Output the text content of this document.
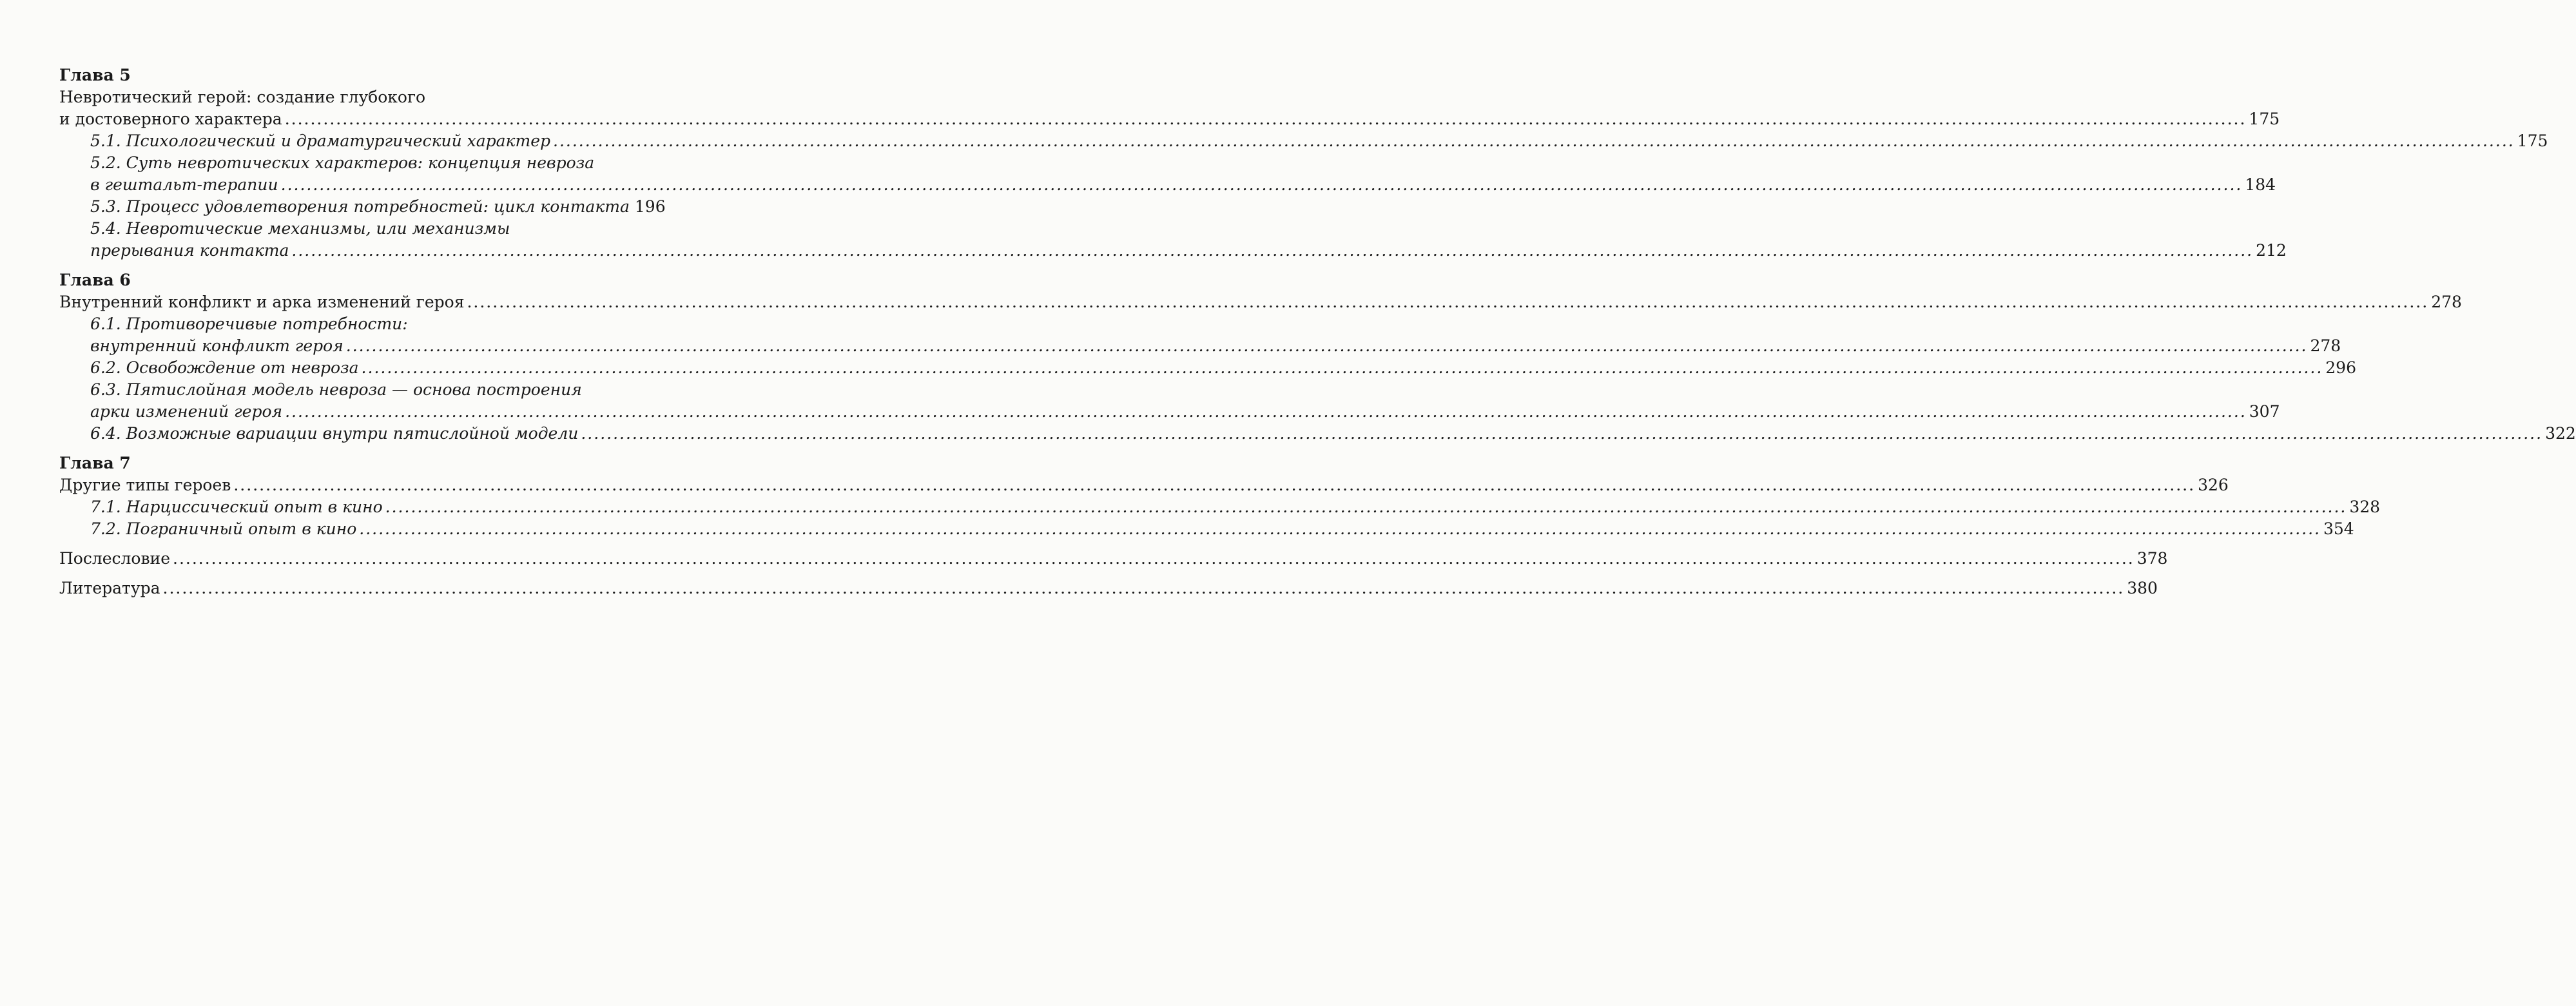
Глава 5
Невротический герой: создание глубокого
и достоверного характера .....	175
5.1. Психологический и драматургический характер .....	175
5.2. Суть невротических характеров: концепция невроза
в гештальт-терапии .....	184
5.3. Процесс удовлетворения потребностей: цикл контакта 196
5.4. Невротические механизмы, или механизмы
прерывания контакта .....	212
Глава 6
Внутренний конфликт и арка изменений героя .....	278
6.1. Противоречивые потребности:
внутренний конфликт героя .....	278
6.2. Освобождение от невроза .....	296
6.3. Пятислойная модель невроза — основа построения
арки изменений героя .....	307
6.4. Возможные вариации внутри пятислойной модели .....	322
Глава 7
Другие типы героев .....	326
7.1. Нарциссический опыт в кино .....	328
7.2. Пограничный опыт в кино .....	354
Послесловие .....	378
Литература .....	380
